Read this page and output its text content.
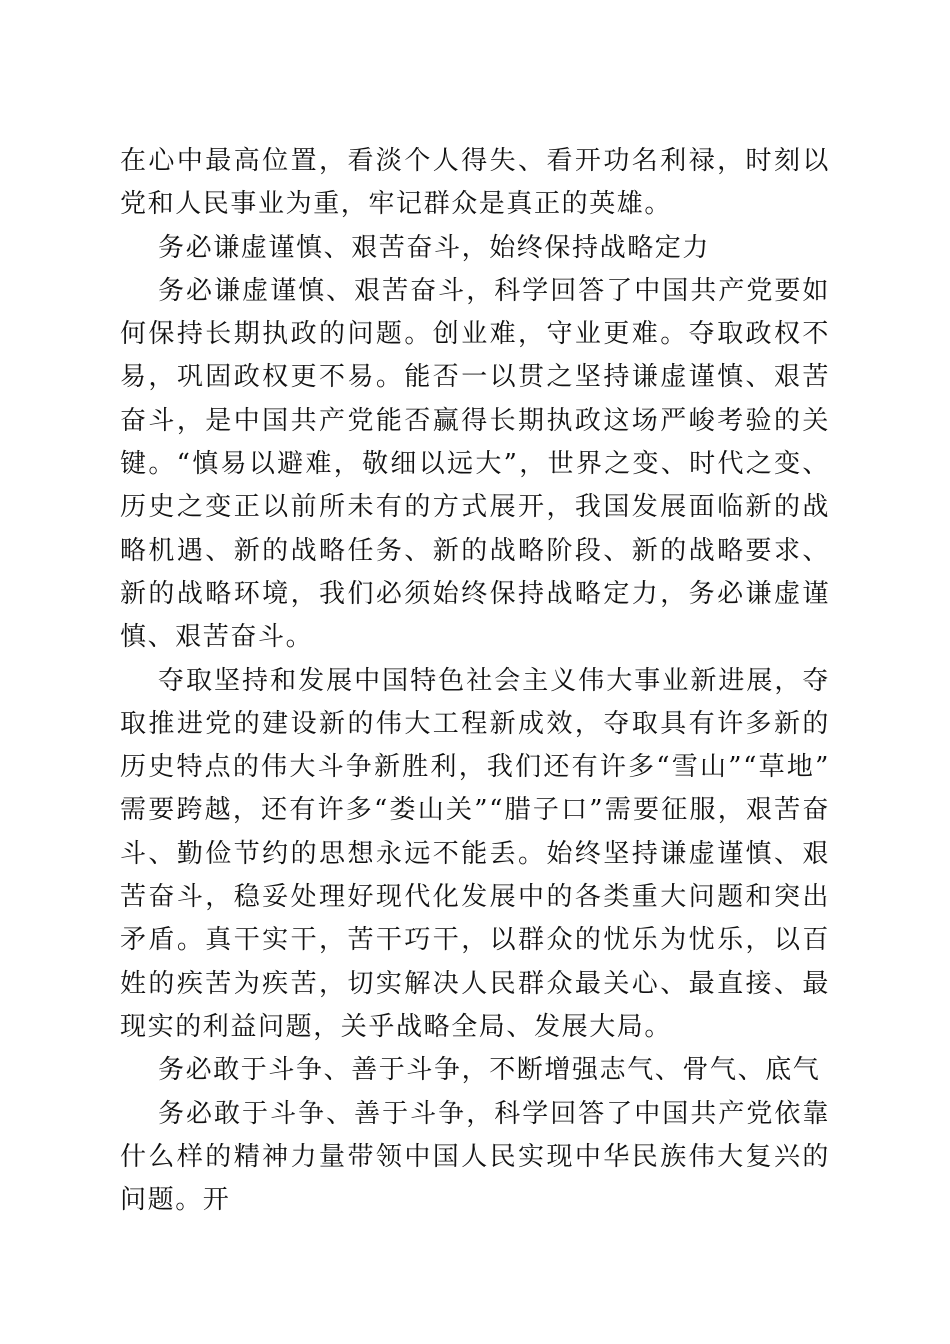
在心中最高位置，看淡个人得失、看开功名利禄，时刻以党和人民事业为重，牢记群众是真正的英雄。

务必谦虚谨慎、艰苦奋斗，始终保持战略定力

务必谦虚谨慎、艰苦奋斗，科学回答了中国共产党要如何保持长期执政的问题。创业难，守业更难。夺取政权不易，巩固政权更不易。能否一以贯之坚持谦虚谨慎、艰苦奋斗，是中国共产党能否赢得长期执政这场严峻考验的关键。“慎易以避难，敬细以远大”，世界之变、时代之变、历史之变正以前所未有的方式展开，我国发展面临新的战略机遇、新的战略任务、新的战略阶段、新的战略要求、新的战略环境，我们必须始终保持战略定力，务必谦虚谨慎、艰苦奋斗。

夺取坚持和发展中国特色社会主义伟大事业新进展，夺取推进党的建设新的伟大工程新成效，夺取具有许多新的历史特点的伟大斗争新胜利，我们还有许多“雪山”“草地”需要跨越，还有许多“娄山关”“腊子口”需要征服，艰苦奋斗、勤俭节约的思想永远不能丢。始终坚持谦虚谨慎、艰苦奋斗，稳妥处理好现代化发展中的各类重大问题和突出矛盾。真干实干，苦干巧干，以群众的忧乐为忧乐，以百姓的疾苦为疾苦，切实解决人民群众最关心、最直接、最现实的利益问题，关乎战略全局、发展大局。

务必敢于斗争、善于斗争，不断增强志气、骨气、底气

务必敢于斗争、善于斗争，科学回答了中国共产党依靠什么样的精神力量带领中国人民实现中华民族伟大复兴的问题。开
